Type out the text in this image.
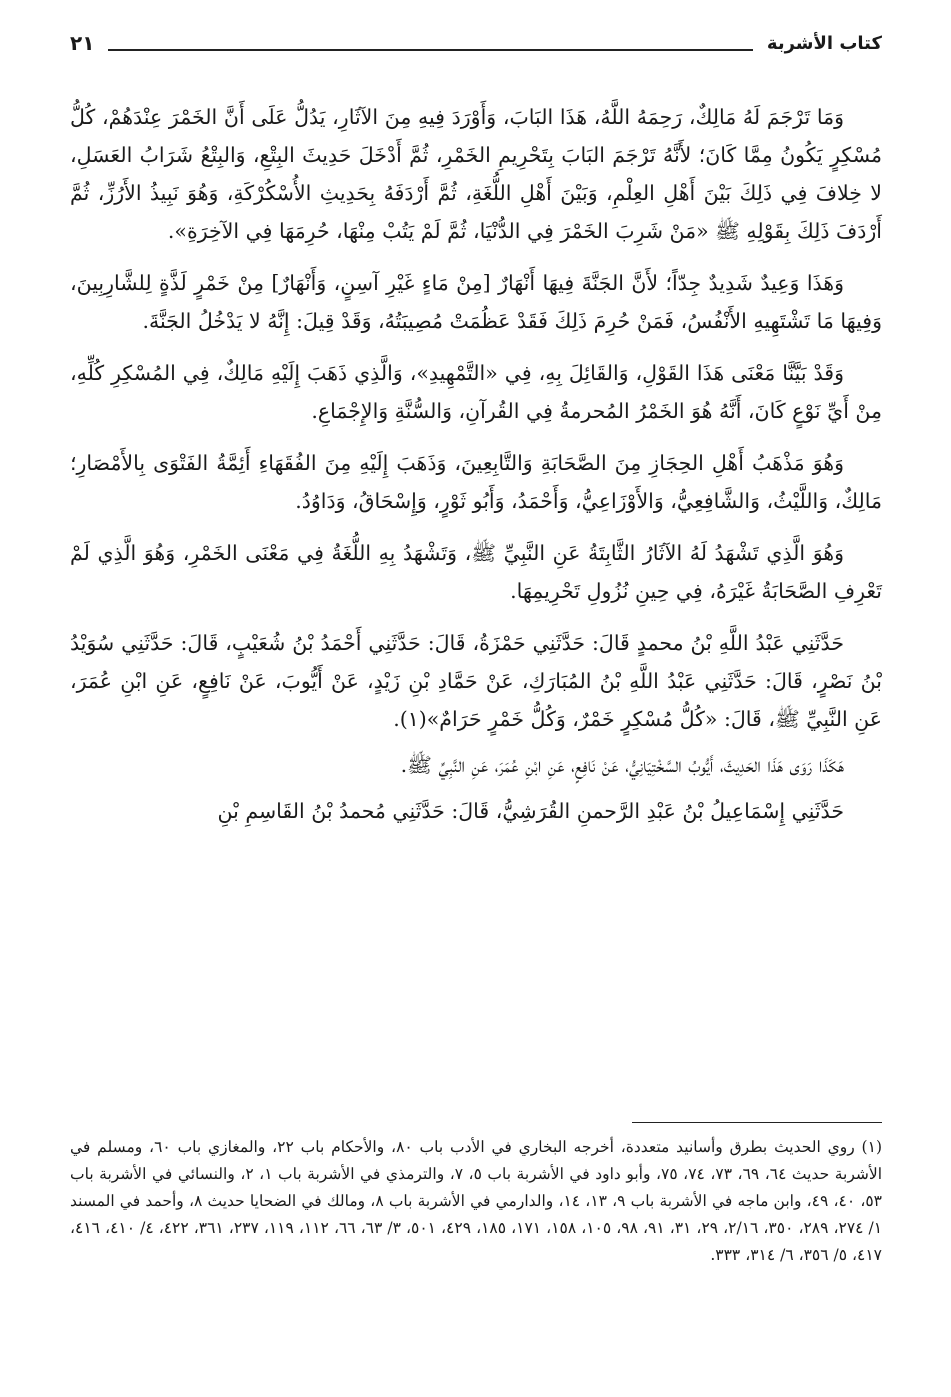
كتاب الأشربة
٢١

وَمَا تَرْجَمَ لَهُ مَالِكٌ، رَحِمَهُ اللَّهُ، هَذَا البَابَ، وَأَوْرَدَ فِيهِ مِنَ الآثَارِ، يَدُلُّ عَلَى أَنَّ الخَمْرَ عِنْدَهُمْ، كُلُّ مُسْكِرٍ يَكُونُ مِمَّا كَانَ؛ لأَنَّهُ تَرْجَمَ البَابَ بِتَحْرِيمِ الخَمْرِ، ثُمَّ أَدْخَلَ حَدِيثَ البِتْعِ، وَالبِتْعُ شَرَابُ العَسَلِ، لا خِلافَ فِي ذَلِكَ بَيْنَ أَهْلِ العِلْمِ، وَبَيْنَ أَهْلِ اللُّغَةِ، ثُمَّ أَرْدَفَهُ بِحَدِيثِ الأُسْكُرْكَةِ، وَهُوَ نَبِيذُ الأَرُزِّ، ثُمَّ أَرْدَفَ ذَلِكَ بِقَوْلِهِ ﷺ «مَنْ شَرِبَ الخَمْرَ فِي الدُّنْيَا، ثُمَّ لَمْ يَتُبْ مِنْهَا، حُرِمَهَا فِي الآخِرَةِ».

وَهَذَا وَعِيدٌ شَدِيدٌ جِدّاً؛ لأَنَّ الجَنَّةَ فِيهَا أَنْهَارٌ [مِنْ مَاءٍ غَيْرِ آسِنٍ، وَأَنْهَارٌ] مِنْ خَمْرٍ لَذَّةٍ لِلشَّارِبِينَ، وَفِيهَا مَا تَشْتَهِيهِ الأَنْفُسُ، فَمَنْ حُرِمَ ذَلِكَ فَقَدْ عَظُمَتْ مُصِيبَتُهُ، وَقَدْ قِيلَ: إِنَّهُ لا يَدْخُلُ الجَنَّةَ.

وَقَدْ بَيَّنَّا مَعْنَى هَذَا القَوْلِ، وَالقَائِلَ بِهِ، فِي «التَّمْهِيدِ»، وَالَّذِي ذَهَبَ إِلَيْهِ مَالِكٌ، فِي المُسْكِرِ كُلِّهِ، مِنْ أَيِّ نَوْعٍ كَانَ، أَنَّهُ هُوَ الخَمْرُ المُحرمةُ فِي القُرآنِ، وَالسُّنَّةِ وَالإِجْمَاعِ.

وَهُوَ مَذْهَبُ أَهْلِ الحِجَازِ مِنَ الصَّحَابَةِ وَالتَّابِعِينَ، وَذَهَبَ إِلَيْهِ مِنَ الفُقَهَاءِ أَئِمَّةُ الفَتْوَى بِالأَمْصَارِ؛ مَالِكٌ، وَاللَّيْثُ، وَالشَّافِعِيُّ، وَالأَوْزَاعِيُّ، وَأَحْمَدُ، وَأَبُو ثَوْرٍ، وَإِسْحَاقُ، وَدَاوُدُ.

وَهُوَ الَّذِي تَشْهَدُ لَهُ الآثَارُ الثَّابِتَةُ عَنِ النَّبِيِّ ﷺ، وَتَشْهَدُ بِهِ اللُّغَةُ فِي مَعْنَى الخَمْرِ، وَهُوَ الَّذِي لَمْ تَعْرِفِ الصَّحَابَةُ غَيْرَهُ، فِي حِينِ نُزُولِ تَحْرِيمِهَا.

حَدَّثَنِي عَبْدُ اللَّهِ بْنُ محمدٍ قَالَ: حَدَّثَنِي حَمْزَةُ، قَالَ: حَدَّثَنِي أَحْمَدُ بْنُ شُعَيْبٍ، قَالَ: حَدَّثَنِي سُوَيْدُ بْنُ نَصْرٍ، قَالَ: حَدَّثَنِي عَبْدُ اللَّهِ بْنُ المُبَارَكِ، عَنْ حَمَّادِ بْنِ زَيْدٍ، عَنْ أَيُّوبَ، عَنْ نَافِعٍ، عَنِ ابْنِ عُمَرَ، عَنِ النَّبِيِّ ﷺ، قَالَ: «كُلُّ مُسْكِرٍ خَمْرٌ، وَكُلُّ خَمْرٍ حَرَامٌ»(١).

هَكَذَا رَوَى هَذَا الحَدِيثَ، أَيُّوبُ السَّخْتِيَانِيُّ، عَنْ نَافِعٍ، عَنِ ابْنِ عُمَرَ، عَنِ النَّبِيِّ ﷺ.

حَدَّثَنِي إِسْمَاعِيلُ بْنُ عَبْدِ الرَّحمنِ القُرَشِيُّ، قَالَ: حَدَّثَنِي مُحمدُ بْنُ القَاسِمِ بْنِ

(١) روي الحديث بطرق وأسانيد متعددة، أخرجه البخاري في الأدب باب ٨٠، والأحكام باب ٢٢، والمغازي باب ٦٠، ومسلم في الأشربة حديث ٦٤، ٦٩، ٧٣، ٧٤، ٧٥، وأبو داود في الأشربة باب ٥، ٧، والترمذي في الأشربة باب ١، ٢، والنسائي في الأشربة باب ٥٣، ٤٠، ٤٩، وابن ماجه في الأشربة باب ٩، ١٣، ١٤، والدارمي في الأشربة باب ٨، ومالك في الضحايا حديث ٨، وأحمد في المسند ١/ ٢٧٤، ٢٨٩، ٣٥٠، ٢/١٦، ٢٩، ٣١، ٩١، ٩٨، ١٠٥، ١٥٨، ١٧١، ١٨٥، ٤٢٩، ٥٠١، ٣/ ٦٣، ٦٦، ١١٢، ١١٩، ٢٣٧، ٣٦١، ٤٢٢، ٤/ ٤١٠، ٤١٦، ٤١٧، ٥/ ٣٥٦، ٦/ ٣١٤، ٣٣٣.
